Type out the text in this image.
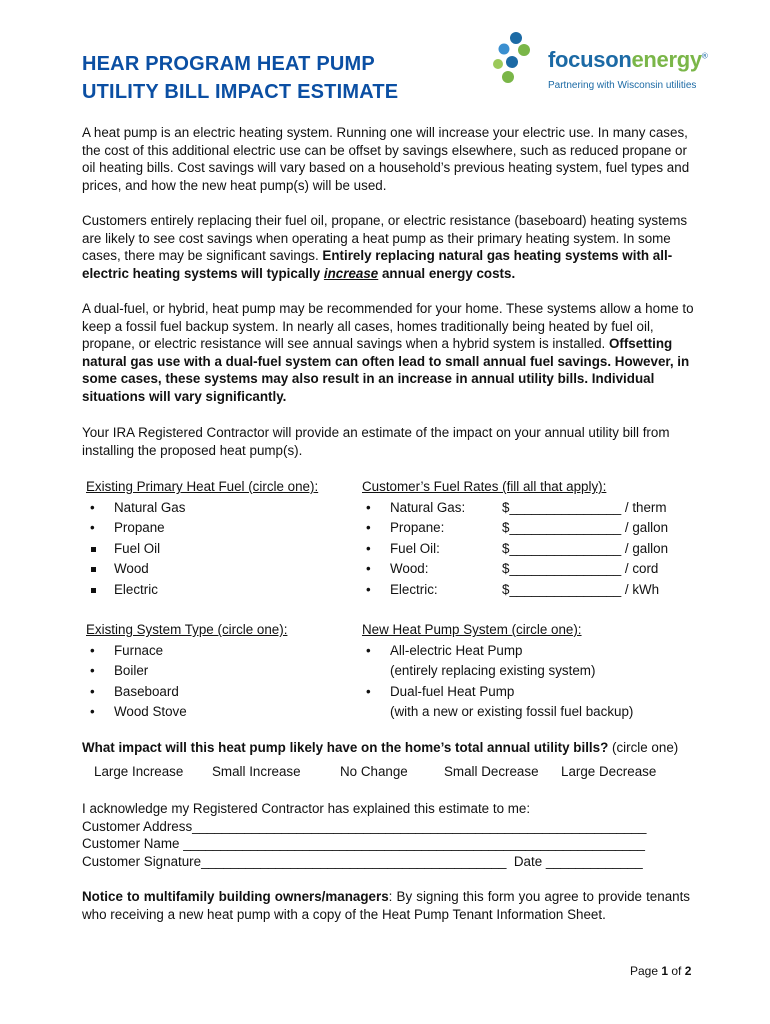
HEAR PROGRAM HEAT PUMP
UTILITY BILL IMPACT ESTIMATE
focusonenergy®
Partnering with Wisconsin utilities
A heat pump is an electric heating system. Running one will increase your electric use. In many cases, the cost of this additional electric use can be offset by savings elsewhere, such as reduced propane or oil heating bills. Cost savings will vary based on a household’s previous heating system, fuel types and prices, and how the new heat pump(s) will be used.
Customers entirely replacing their fuel oil, propane, or electric resistance (baseboard) heating systems are likely to see cost savings when operating a heat pump as their primary heating system. In some cases, there may be significant savings. Entirely replacing natural gas heating systems with all-electric heating systems will typically increase annual energy costs.
A dual-fuel, or hybrid, heat pump may be recommended for your home. These systems allow a home to keep a fossil fuel backup system. In nearly all cases, homes traditionally being heated by fuel oil, propane, or electric resistance will see annual savings when a hybrid system is installed. Offsetting natural gas use with a dual-fuel system can often lead to small annual fuel savings. However, in some cases, these systems may also result in an increase in annual utility bills. Individual situations will vary significantly.
Your IRA Registered Contractor will provide an estimate of the impact on your annual utility bill from installing the proposed heat pump(s).
Existing Primary Heat Fuel (circle one):
• Natural Gas
• Propane
Fuel Oil
Wood
Electric
Customer’s Fuel Rates (fill all that apply):
• Natural Gas:	$_______________ / therm
• Propane:	$_______________ / gallon
• Fuel Oil:	$_______________ / gallon
• Wood:	$_______________ / cord
• Electric:	$_______________ / kWh
Existing System Type (circle one):
• Furnace
• Boiler
• Baseboard
• Wood Stove
New Heat Pump System (circle one):
• All-electric Heat Pump
(entirely replacing existing system)
• Dual-fuel Heat Pump
(with a new or existing fossil fuel backup)
What impact will this heat pump likely have on the home’s total annual utility bills? (circle one)
Large Increase Small Increase	No Change	Small Decrease Large Decrease
I acknowledge my Registered Contractor has explained this estimate to me:
Customer Address_____________________________________________________________
Customer Name ______________________________________________________________
Customer Signature_________________________________________ Date _____________
Notice to multifamily building owners/managers: By signing this form you agree to provide tenants who receiving a new heat pump with a copy of the Heat Pump Tenant Information Sheet.
Page 1 of 2
